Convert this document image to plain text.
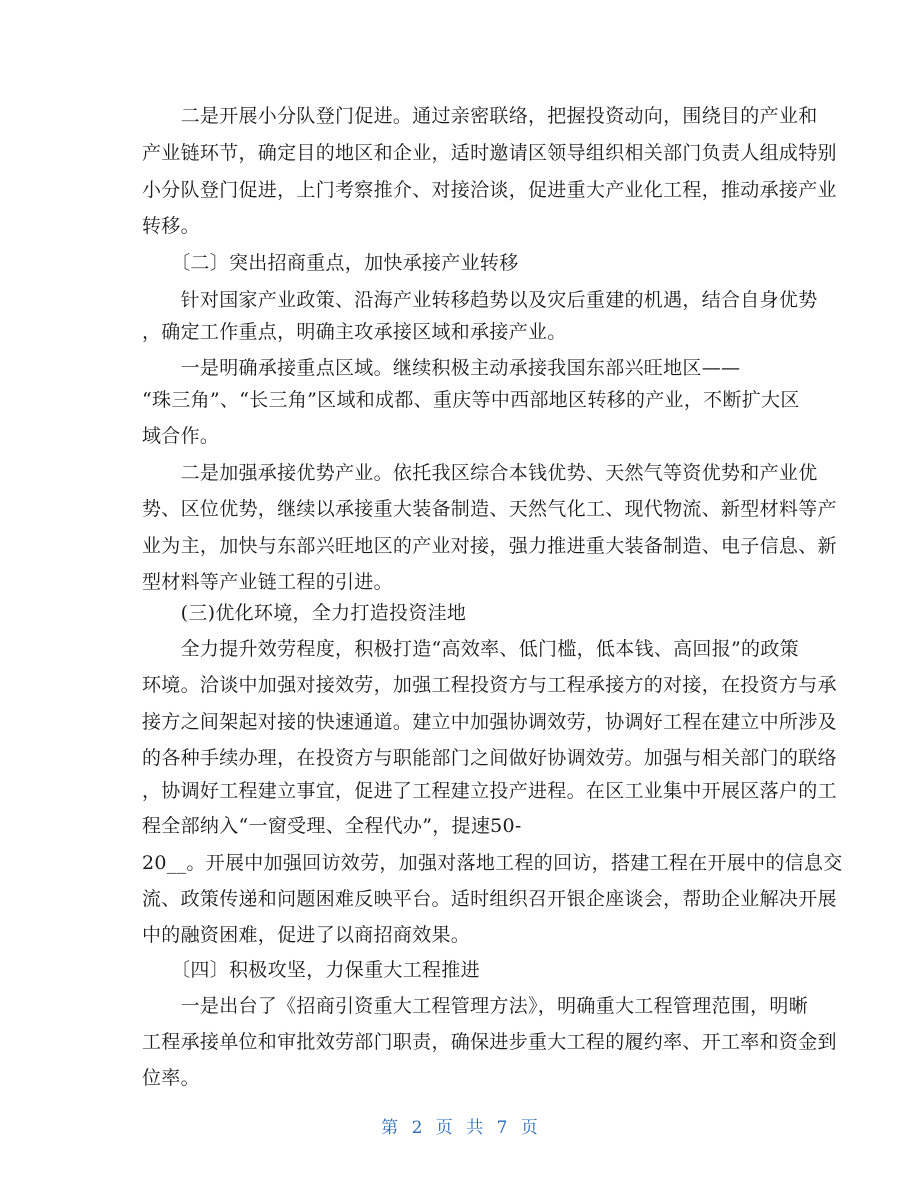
　　二是开展小分队登门促进。通过亲密联络，把握投资动向，围绕目的产业和
产业链环节，确定目的地区和企业，适时邀请区领导组织相关部门负责人组成特别
小分队登门促进，上门考察推介、对接洽谈，促进重大产业化工程，推动承接产业
转移。
　　〔二〕突出招商重点，加快承接产业转移
　　针对国家产业政策、沿海产业转移趋势以及灾后重建的机遇，结合自身优势
，确定工作重点，明确主攻承接区域和承接产业。
　　一是明确承接重点区域。继续积极主动承接我国东部兴旺地区——
“珠三角”、“长三角”区域和成都、重庆等中西部地区转移的产业，不断扩大区
域合作。
　　二是加强承接优势产业。依托我区综合本钱优势、天然气等资优势和产业优
势、区位优势，继续以承接重大装备制造、天然气化工、现代物流、新型材料等产
业为主，加快与东部兴旺地区的产业对接，强力推进重大装备制造、电子信息、新
型材料等产业链工程的引进。
　　(三)优化环境，全力打造投资洼地
　　全力提升效劳程度，积极打造“高效率、低门槛，低本钱、高回报”的政策
环境。洽谈中加强对接效劳，加强工程投资方与工程承接方的对接，在投资方与承
接方之间架起对接的快速通道。建立中加强协调效劳，协调好工程在建立中所涉及
的各种手续办理，在投资方与职能部门之间做好协调效劳。加强与相关部门的联络
，协调好工程建立事宜，促进了工程建立投产进程。在区工业集中开展区落户的工
程全部纳入“一窗受理、全程代办”，提速50-
20__。开展中加强回访效劳，加强对落地工程的回访，搭建工程在开展中的信息交
流、政策传递和问题困难反映平台。适时组织召开银企座谈会，帮助企业解决开展
中的融资困难，促进了以商招商效果。
　　〔四〕积极攻坚，力保重大工程推进
　　一是出台了《招商引资重大工程管理方法》，明确重大工程管理范围，明晰
工程承接单位和审批效劳部门职责，确保进步重大工程的履约率、开工率和资金到
位率。
第 2 页 共 7 页
